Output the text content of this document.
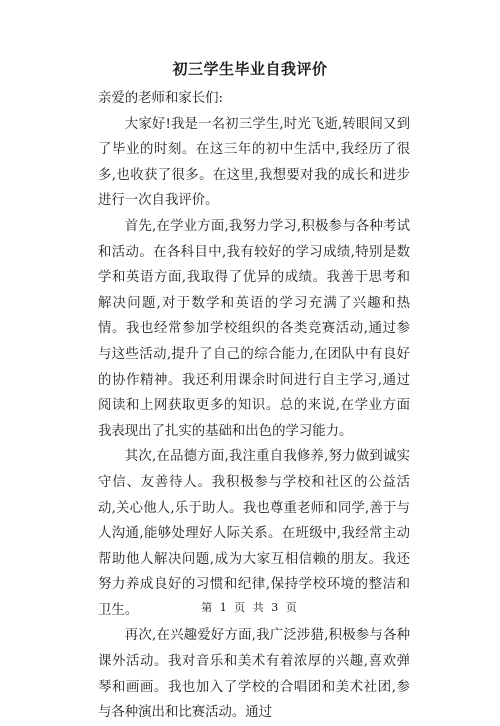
初三学生毕业自我评价

亲爱的老师和家长们:

大家好!我是一名初三学生,时光飞逝,转眼间又到了毕业的时刻。在这三年的初中生活中,我经历了很多,也收获了很多。在这里,我想要对我的成长和进步进行一次自我评价。

首先,在学业方面,我努力学习,积极参与各种考试和活动。在各科目中,我有较好的学习成绩,特别是数学和英语方面,我取得了优异的成绩。我善于思考和解决问题,对于数学和英语的学习充满了兴趣和热情。我也经常参加学校组织的各类竞赛活动,通过参与这些活动,提升了自己的综合能力,在团队中有良好的协作精神。我还利用课余时间进行自主学习,通过阅读和上网获取更多的知识。总的来说,在学业方面我表现出了扎实的基础和出色的学习能力。

其次,在品德方面,我注重自我修养,努力做到诚实守信、友善待人。我积极参与学校和社区的公益活动,关心他人,乐于助人。我也尊重老师和同学,善于与人沟通,能够处理好人际关系。在班级中,我经常主动帮助他人解决问题,成为大家互相信赖的朋友。我还努力养成良好的习惯和纪律,保持学校环境的整洁和卫生。

再次,在兴趣爱好方面,我广泛涉猎,积极参与各种课外活动。我对音乐和美术有着浓厚的兴趣,喜欢弹琴和画画。我也加入了学校的合唱团和美术社团,参与各种演出和比赛活动。通过

第 1 页 共 3 页
